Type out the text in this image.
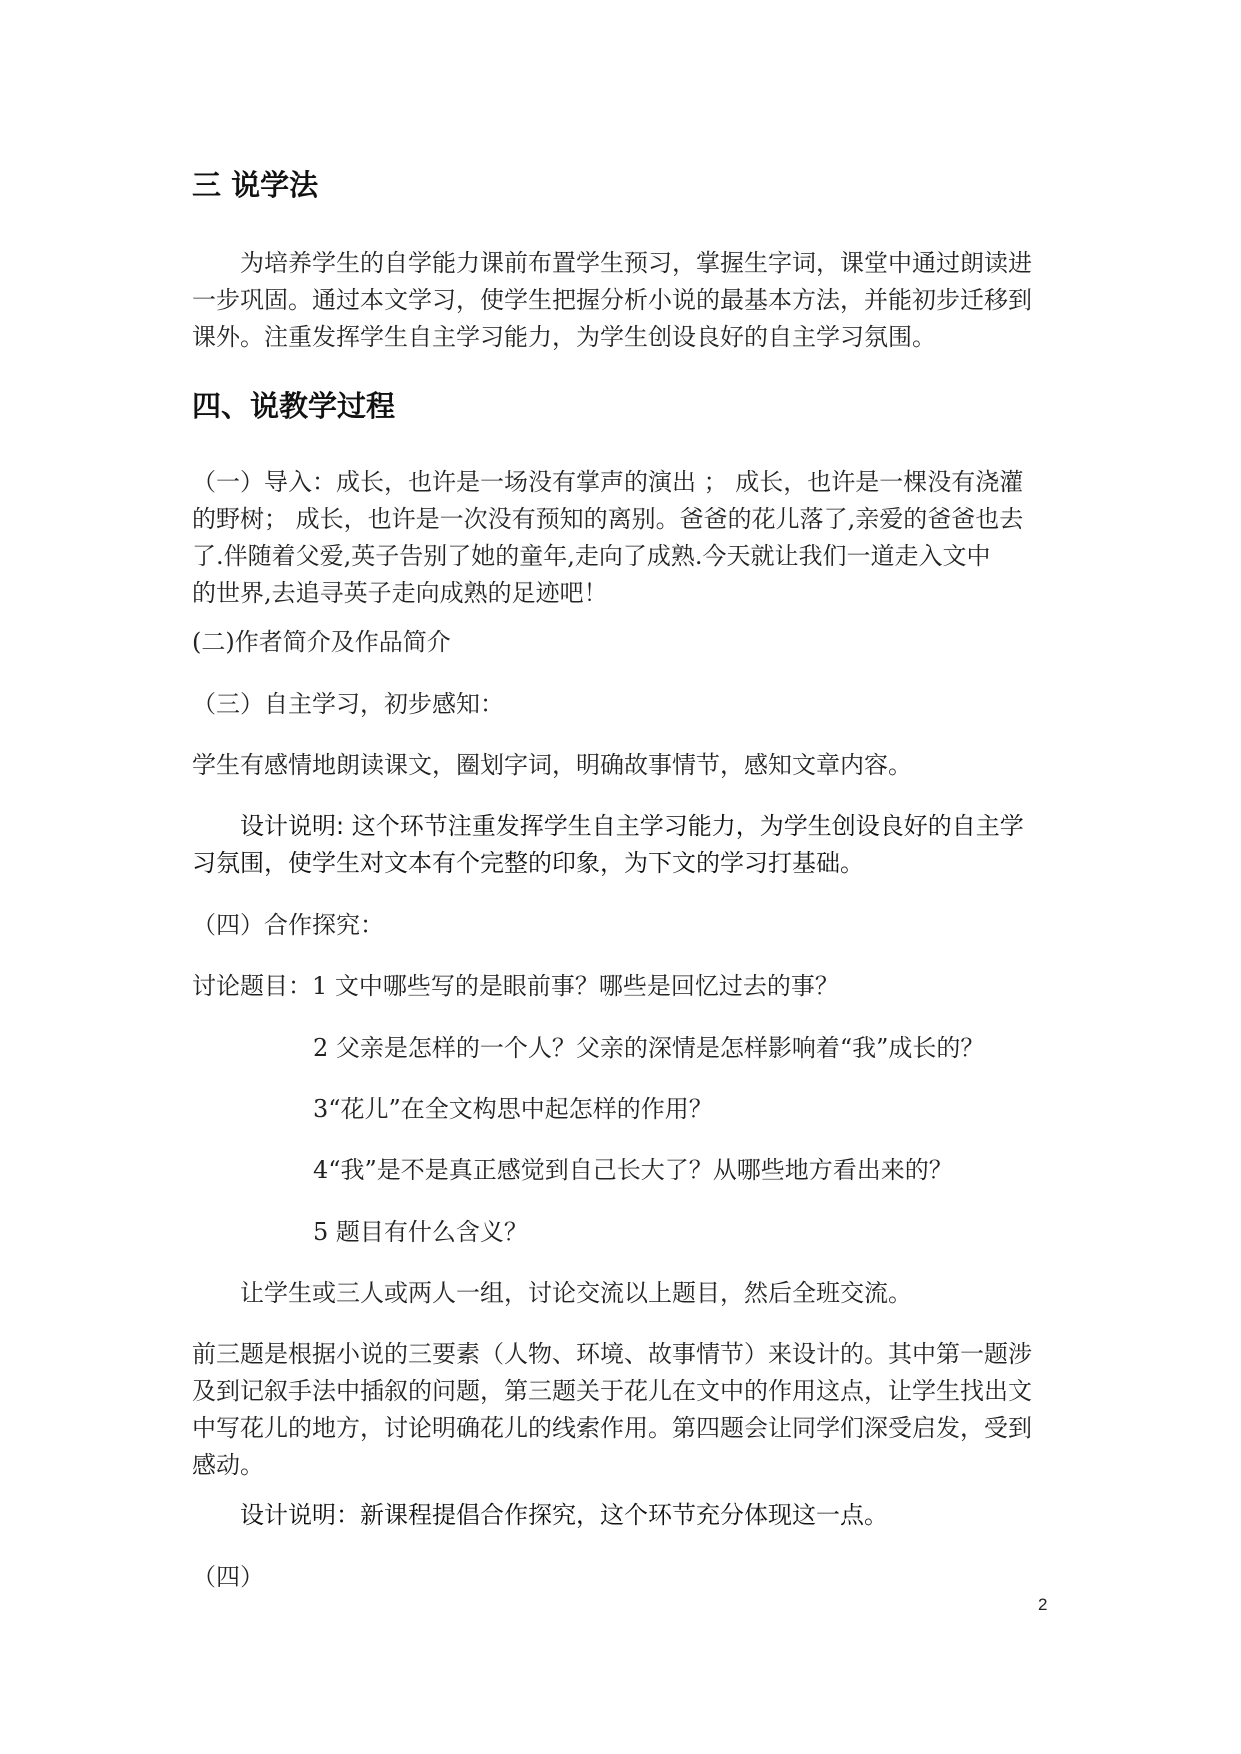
三 说学法
为培养学生的自学能力课前布置学生预习，掌握生字词，课堂中通过朗读进
一步巩固。通过本文学习，使学生把握分析小说的最基本方法，并能初步迁移到
课外。注重发挥学生自主学习能力，为学生创设良好的自主学习氛围。
四、说教学过程
（一）导入：成长，也许是一场没有掌声的演出 ； 成长，也许是一棵没有浇灌
的野树； 成长，也许是一次没有预知的离别。爸爸的花儿落了,亲爱的爸爸也去
了.伴随着父爱,英子告别了她的童年,走向了成熟.今天就让我们一道走入文中
的世界,去追寻英子走向成熟的足迹吧！
(二)作者简介及作品简介
（三）自主学习，初步感知：
学生有感情地朗读课文，圈划字词，明确故事情节，感知文章内容。
设计说明: 这个环节注重发挥学生自主学习能力，为学生创设良好的自主学
习氛围，使学生对文本有个完整的印象，为下文的学习打基础。
（四）合作探究：
讨论题目：1 文中哪些写的是眼前事？哪些是回忆过去的事？
2 父亲是怎样的一个人？父亲的深情是怎样影响着“我”成长的？
3“花儿”在全文构思中起怎样的作用？
4“我”是不是真正感觉到自己长大了？从哪些地方看出来的？
5 题目有什么含义？
让学生或三人或两人一组，讨论交流以上题目，然后全班交流。
前三题是根据小说的三要素（人物、环境、故事情节）来设计的。其中第一题涉
及到记叙手法中插叙的问题，第三题关于花儿在文中的作用这点，让学生找出文
中写花儿的地方，讨论明确花儿的线索作用。第四题会让同学们深受启发，受到
感动。
设计说明：新课程提倡合作探究，这个环节充分体现这一点。
（四）
2
